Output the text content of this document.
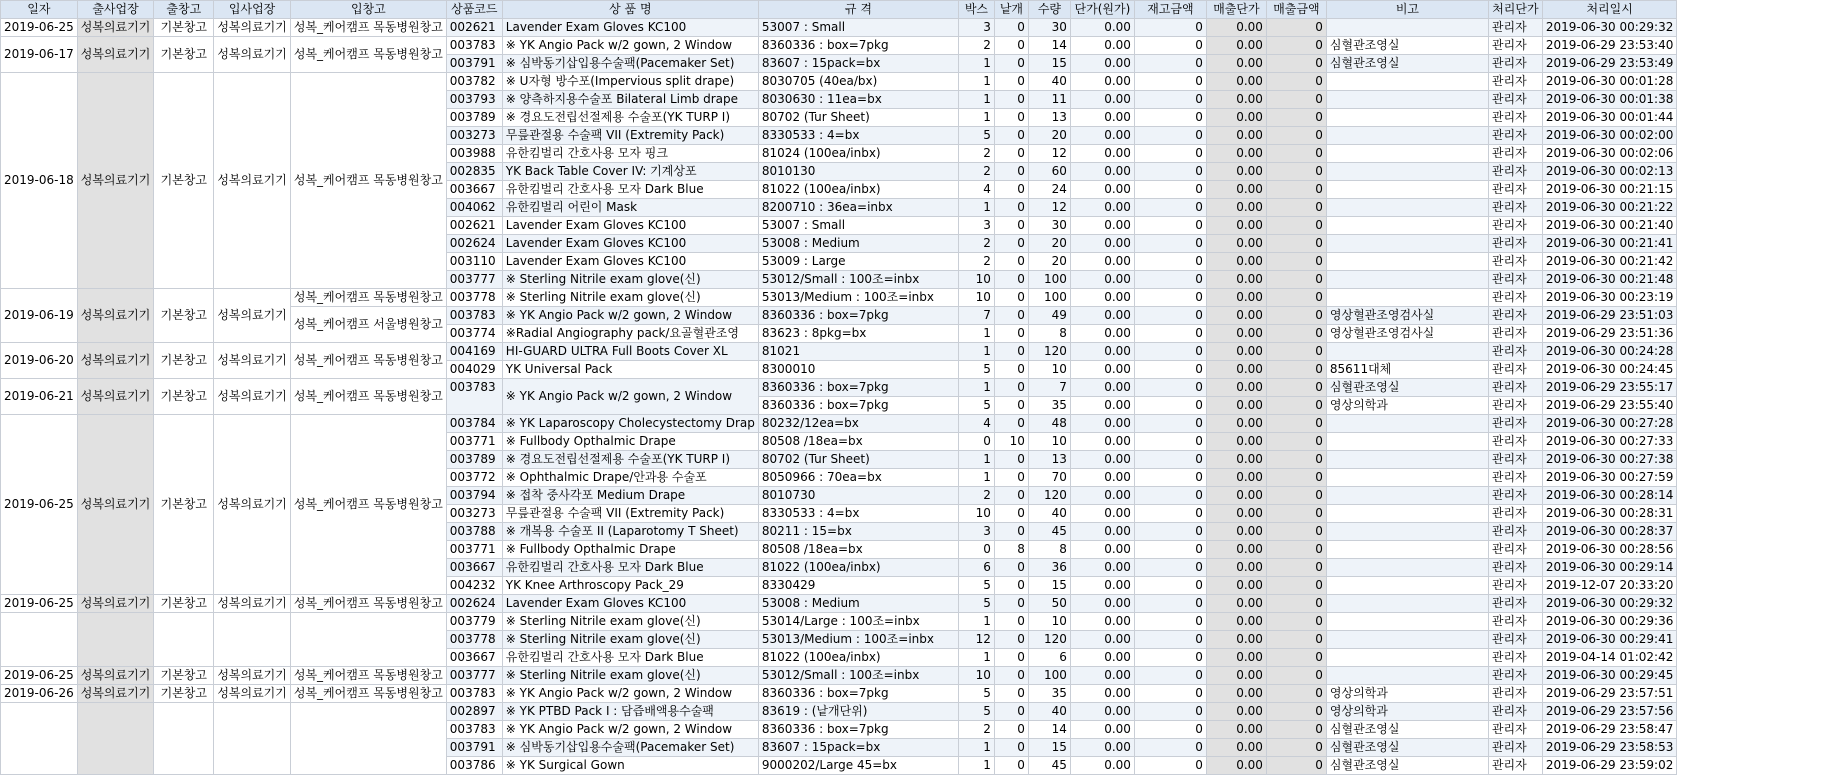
일자	출사업장	출창고	입사업장	입창고	상품코드	상 품 명	규 격	박스	낱개	수량	단가(원가)	재고금액	매출단가	매출금액	비고	처리단가	처리일시
2019-06-25	성복의료기기	기본창고	성복의료기기	성복_케어캠프 목동병원창고	002621	Lavender Exam Gloves KC100	53007 : Small	3	0	30	0.00	0	0.00	0		관리자	2019-06-30 00:29:32
2019-06-17	성복의료기기	기본창고	성복의료기기	성복_케어캠프 목동병원창고	003783	※ YK Angio Pack w/2 gown, 2 Window	8360336 : box=7pkg	2	0	14	0.00	0	0.00	0	심혈관조영실	관리자	2019-06-29 23:53:40
					003791	※ 심박동기삽입용수술팩(Pacemaker Set)	83607 : 15pack=bx	1	0	15	0.00	0	0.00	0	심혈관조영실	관리자	2019-06-29 23:53:49
2019-06-18	성복의료기기	기본창고	성복의료기기	성복_케어캠프 목동병원창고	003782	※ U자형 방수포(Impervious split drape)	8030705 (40ea/bx)	1	0	40	0.00	0	0.00	0		관리자	2019-06-30 00:01:28
					003793	※ 양측하지용수술포 Bilateral Limb drape	8030630 : 11ea=bx	1	0	11	0.00	0	0.00	0		관리자	2019-06-30 00:01:38
					003789	※ 경요도전립선절제용 수술포(YK TURP I)	80702 (Tur Sheet)	1	0	13	0.00	0	0.00	0		관리자	2019-06-30 00:01:44
					003273	무릎관절용 수술팩 VII (Extremity Pack)	8330533 : 4=bx	5	0	20	0.00	0	0.00	0		관리자	2019-06-30 00:02:00
					003988	유한킴벌리 간호사용 모자 핑크	81024 (100ea/inbx)	2	0	12	0.00	0	0.00	0		관리자	2019-06-30 00:02:06
					002835	YK Back Table Cover IV: 기계상포	8010130	2	0	60	0.00	0	0.00	0		관리자	2019-06-30 00:02:13
					003667	유한킴벌리 간호사용 모자 Dark Blue	81022 (100ea/inbx)	4	0	24	0.00	0	0.00	0		관리자	2019-06-30 00:21:15
					004062	유한킴벌리 어린이 Mask	8200710 : 36ea=inbx	1	0	12	0.00	0	0.00	0		관리자	2019-06-30 00:21:22
					002621	Lavender Exam Gloves KC100	53007 : Small	3	0	30	0.00	0	0.00	0		관리자	2019-06-30 00:21:40
					002624	Lavender Exam Gloves KC100	53008 : Medium	2	0	20	0.00	0	0.00	0		관리자	2019-06-30 00:21:41
					003110	Lavender Exam Gloves KC100	53009 : Large	2	0	20	0.00	0	0.00	0		관리자	2019-06-30 00:21:42
					003777	※ Sterling Nitrile exam glove(신)	53012/Small : 100조=inbx	10	0	100	0.00	0	0.00	0		관리자	2019-06-30 00:21:48
2019-06-19	성복의료기기	기본창고	성복의료기기	성복_케어캠프 목동병원창고	003778	※ Sterling Nitrile exam glove(신)	53013/Medium : 100조=inbx	10	0	100	0.00	0	0.00	0		관리자	2019-06-30 00:23:19
				성복_케어캠프 서울병원창고	003783	※ YK Angio Pack w/2 gown, 2 Window	8360336 : box=7pkg	7	0	49	0.00	0	0.00	0	영상혈관조영검사실	관리자	2019-06-29 23:51:03
					003774	※Radial Angiography pack/요골혈관조영	83623 : 8pkg=bx	1	0	8	0.00	0	0.00	0	영상혈관조영검사실	관리자	2019-06-29 23:51:36
2019-06-20	성복의료기기	기본창고	성복의료기기	성복_케어캠프 목동병원창고	004169	HI-GUARD ULTRA Full Boots Cover XL	81021	1	0	120	0.00	0	0.00	0		관리자	2019-06-30 00:24:28
					004029	YK Universal Pack	8300010	5	0	10	0.00	0	0.00	0	85611대체	관리자	2019-06-30 00:24:45
2019-06-21	성복의료기기	기본창고	성복의료기기	성복_케어캠프 목동병원창고	003783	※ YK Angio Pack w/2 gown, 2 Window	8360336 : box=7pkg	1	0	7	0.00	0	0.00	0	심혈관조영실	관리자	2019-06-29 23:55:17
							8360336 : box=7pkg	5	0	35	0.00	0	0.00	0	영상의학과	관리자	2019-06-29 23:55:40
2019-06-25	성복의료기기	기본창고	성복의료기기	성복_케어캠프 목동병원창고	003784	※ YK Laparoscopy Cholecystectomy Drap	80232/12ea=bx	4	0	48	0.00	0	0.00	0		관리자	2019-06-30 00:27:28
					003771	※ Fullbody Opthalmic Drape	80508 /18ea=bx	0	10	10	0.00	0	0.00	0		관리자	2019-06-30 00:27:33
					003789	※ 경요도전립선절제용 수술포(YK TURP I)	80702 (Tur Sheet)	1	0	13	0.00	0	0.00	0		관리자	2019-06-30 00:27:38
					003772	※ Ophthalmic Drape/안과용 수술포	8050966 : 70ea=bx	1	0	70	0.00	0	0.00	0		관리자	2019-06-30 00:27:59
					003794	※ 접착 중사각포 Medium Drape	8010730	2	0	120	0.00	0	0.00	0		관리자	2019-06-30 00:28:14
					003273	무릎관절용 수술팩 VII (Extremity Pack)	8330533 : 4=bx	10	0	40	0.00	0	0.00	0		관리자	2019-06-30 00:28:31
					003788	※ 개복용 수술포 II (Laparotomy T Sheet)	80211 : 15=bx	3	0	45	0.00	0	0.00	0		관리자	2019-06-30 00:28:37
					003771	※ Fullbody Opthalmic Drape	80508 /18ea=bx	0	8	8	0.00	0	0.00	0		관리자	2019-06-30 00:28:56
					003667	유한킴벌리 간호사용 모자 Dark Blue	81022 (100ea/inbx)	6	0	36	0.00	0	0.00	0		관리자	2019-06-30 00:29:14
					004232	YK Knee Arthroscopy Pack_29	8330429	5	0	15	0.00	0	0.00	0		관리자	2019-12-07 20:33:20
2019-06-25	성복의료기기	기본창고	성복의료기기	성복_케어캠프 목동병원창고	002624	Lavender Exam Gloves KC100	53008 : Medium	5	0	50	0.00	0	0.00	0		관리자	2019-06-30 00:29:32
					003779	※ Sterling Nitrile exam glove(신)	53014/Large : 100조=inbx	1	0	10	0.00	0	0.00	0		관리자	2019-06-30 00:29:36
					003778	※ Sterling Nitrile exam glove(신)	53013/Medium : 100조=inbx	12	0	120	0.00	0	0.00	0		관리자	2019-06-30 00:29:41
					003667	유한킴벌리 간호사용 모자 Dark Blue	81022 (100ea/inbx)	1	0	6	0.00	0	0.00	0		관리자	2019-04-14 01:02:42
2019-06-25	성복의료기기	기본창고	성복의료기기	성복_케어캠프 목동병원창고	003777	※ Sterling Nitrile exam glove(신)	53012/Small : 100조=inbx	10	0	100	0.00	0	0.00	0		관리자	2019-06-30 00:29:45
2019-06-26	성복의료기기	기본창고	성복의료기기	성복_케어캠프 목동병원창고	003783	※ YK Angio Pack w/2 gown, 2 Window	8360336 : box=7pkg	5	0	35	0.00	0	0.00	0	영상의학과	관리자	2019-06-29 23:57:51
					002897	※ YK PTBD Pack I : 담즙배액용수술팩	83619 : (낱개단위)	5	0	40	0.00	0	0.00	0	영상의학과	관리자	2019-06-29 23:57:56
					003783	※ YK Angio Pack w/2 gown, 2 Window	8360336 : box=7pkg	2	0	14	0.00	0	0.00	0	심혈관조영실	관리자	2019-06-29 23:58:47
					003791	※ 심박동기삽입용수술팩(Pacemaker Set)	83607 : 15pack=bx	1	0	15	0.00	0	0.00	0	심혈관조영실	관리자	2019-06-29 23:58:53
					003786	※ YK Surgical Gown	9000202/Large 45=bx	1	0	45	0.00	0	0.00	0	심혈관조영실	관리자	2019-06-29 23:59:02
